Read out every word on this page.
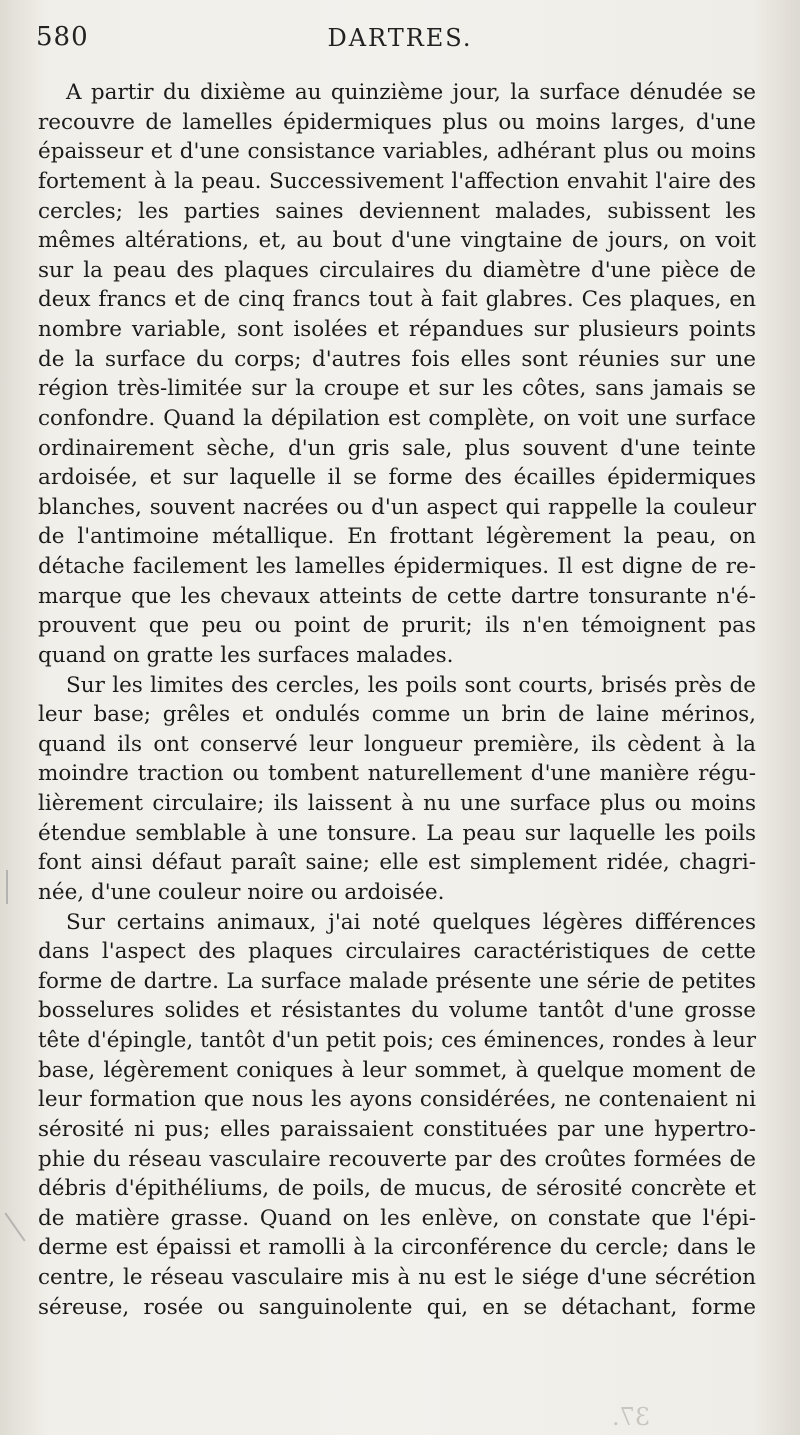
580	DARTRES.
A partir du dixième au quinzième jour, la surface dénudée se
recouvre de lamelles épidermiques plus ou moins larges, d'une
épaisseur et d'une consistance variables, adhérant plus ou moins
fortement à la peau. Successivement l'affection envahit l'aire des
cercles; les parties saines deviennent malades, subissent les
mêmes altérations, et, au bout d'une vingtaine de jours, on voit
sur la peau des plaques circulaires du diamètre d'une pièce de
deux francs et de cinq francs tout à fait glabres. Ces plaques, en
nombre variable, sont isolées et répandues sur plusieurs points
de la surface du corps; d'autres fois elles sont réunies sur une
région très-limitée sur la croupe et sur les côtes, sans jamais se
confondre. Quand la dépilation est complète, on voit une surface
ordinairement sèche, d'un gris sale, plus souvent d'une teinte
ardoisée, et sur laquelle il se forme des écailles épidermiques
blanches, souvent nacrées ou d'un aspect qui rappelle la couleur
de l'antimoine métallique. En frottant légèrement la peau, on
détache facilement les lamelles épidermiques. Il est digne de re-
marque que les chevaux atteints de cette dartre tonsurante n'é-
prouvent que peu ou point de prurit; ils n'en témoignent pas
quand on gratte les surfaces malades.
Sur les limites des cercles, les poils sont courts, brisés près de
leur base; grêles et ondulés comme un brin de laine mérinos,
quand ils ont conservé leur longueur première, ils cèdent à la
moindre traction ou tombent naturellement d'une manière régu-
lièrement circulaire; ils laissent à nu une surface plus ou moins
étendue semblable à une tonsure. La peau sur laquelle les poils
font ainsi défaut paraît saine; elle est simplement ridée, chagri-
née, d'une couleur noire ou ardoisée.
Sur certains animaux, j'ai noté quelques légères différences
dans l'aspect des plaques circulaires caractéristiques de cette
forme de dartre. La surface malade présente une série de petites
bosselures solides et résistantes du volume tantôt d'une grosse
tête d'épingle, tantôt d'un petit pois; ces éminences, rondes à leur
base, légèrement coniques à leur sommet, à quelque moment de
leur formation que nous les ayons considérées, ne contenaient ni
sérosité ni pus; elles paraissaient constituées par une hypertro-
phie du réseau vasculaire recouverte par des croûtes formées de
débris d'épithéliums, de poils, de mucus, de sérosité concrète et
de matière grasse. Quand on les enlève, on constate que l'épi-
derme est épaissi et ramolli à la circonférence du cercle; dans le
centre, le réseau vasculaire mis à nu est le siége d'une sécrétion
séreuse, rosée ou sanguinolente qui, en se détachant, forme
37.
